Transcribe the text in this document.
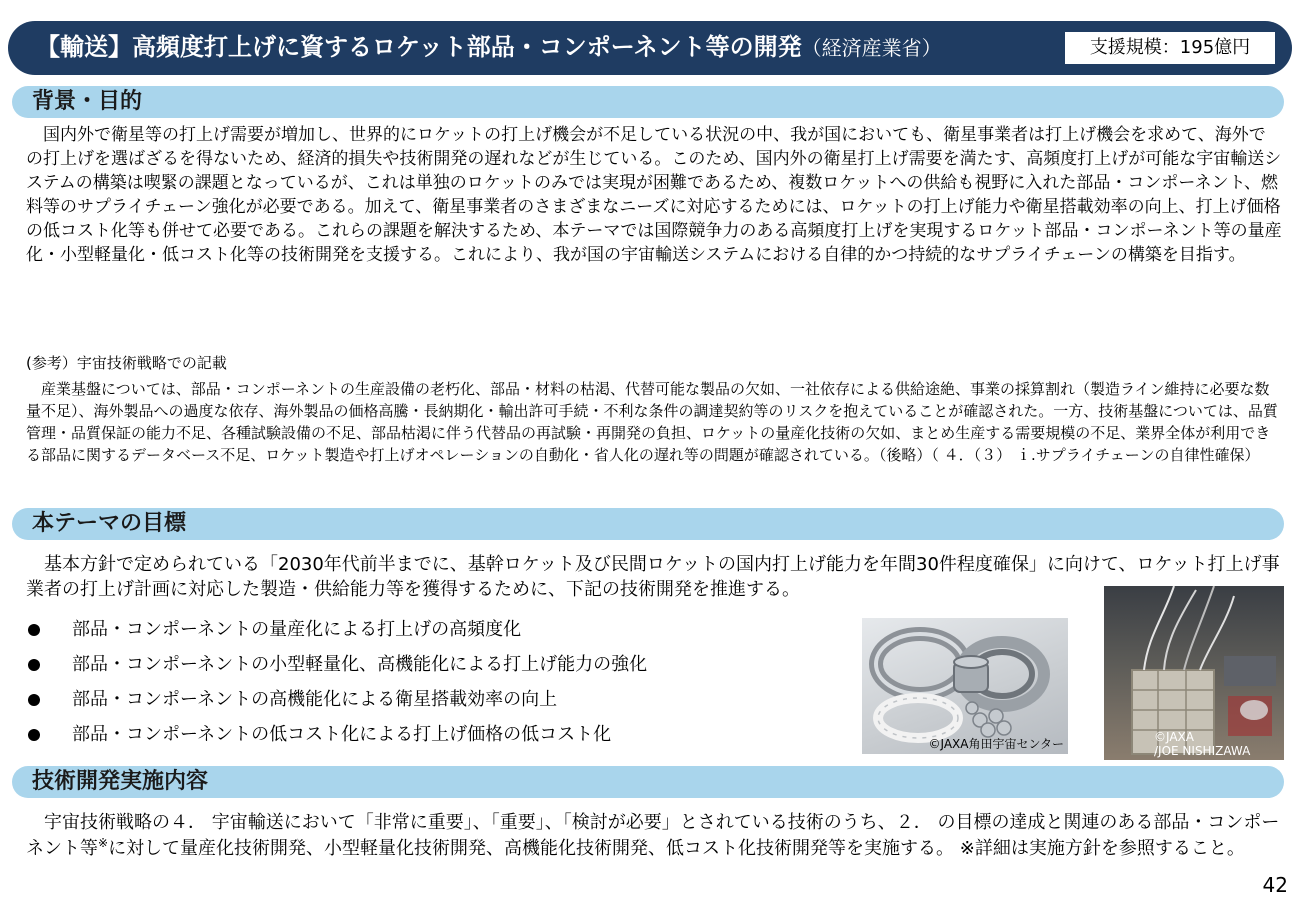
【輸送】高頻度打上げに資するロケット部品・コンポーネント等の開発（経済産業省）	支援規模：195億円
背景・目的

国内外で衛星等の打上げ需要が増加し、世界的にロケットの打上げ機会が不足している状況の中、我が国においても、衛星事業者は打上げ機会を求めて、海外での打上げを選ばざるを得ないため、経済的損失や技術開発の遅れなどが生じている。このため、国内外の衛星打上げ需要を満たす、高頻度打上げが可能な宇宙輸送システムの構築は喫緊の課題となっているが、これは単独のロケットのみでは実現が困難であるため、複数ロケットへの供給も視野に入れた部品・コンポーネント、燃料等のサプライチェーン強化が必要である。加えて、衛星事業者のさまざまなニーズに対応するためには、ロケットの打上げ能力や衛星搭載効率の向上、打上げ価格の低コスト化等も併せて必要である。これらの課題を解決するため、本テーマでは国際競争力のある高頻度打上げを実現するロケット部品・コンポーネント等の量産化・小型軽量化・低コスト化等の技術開発を支援する。これにより、我が国の宇宙輸送システムにおける自律的かつ持続的なサプライチェーンの構築を目指す。

(参考）宇宙技術戦略での記載

産業基盤については、部品・コンポーネントの生産設備の老朽化、部品・材料の枯渇、代替可能な製品の欠如、一社依存による供給途絶、事業の採算割れ（製造ライン維持に必要な数量不足）、海外製品への過度な依存、海外製品の価格高騰・長納期化・輸出許可手続・不利な条件の調達契約等のリスクを抱えていることが確認された。一方、技術基盤については、品質管理・品質保証の能力不足、各種試験設備の不足、部品枯渇に伴う代替品の再試験・再開発の負担、ロケットの量産化技術の欠如、まとめ生産する需要規模の不足、業界全体が利用できる部品に関するデータベース不足、ロケット製造や打上げオペレーションの自動化・省人化の遅れ等の問題が確認されている。（後略）（ ４．（３） ｉ.サプライチェーンの自律性確保）

本テーマの目標

基本方針で定められている「2030年代前半までに、基幹ロケット及び民間ロケットの国内打上げ能力を年間30件程度確保」に向けて、ロケット打上げ事業者の打上げ計画に対応した製造・供給能力等を獲得するために、下記の技術開発を推進する。

部品・コンポーネントの量産化による打上げの高頻度化
部品・コンポーネントの小型軽量化、高機能化による打上げ能力の強化
部品・コンポーネントの高機能化による衛星搭載効率の向上
部品・コンポーネントの低コスト化による打上げ価格の低コスト化	©JAXA角田宇宙センター	©JAXA
/JOE NISHIZAWA
技術開発実施内容

宇宙技術戦略の４． 宇宙輸送において「非常に重要」、「重要」、「検討が必要」とされている技術のうち、２． の目標の達成と関連のある部品・コンポーネント等※に対して量産化技術開発、小型軽量化技術開発、高機能化技術開発、低コスト化技術開発等を実施する。 ※詳細は実施方針を参照すること。

42
